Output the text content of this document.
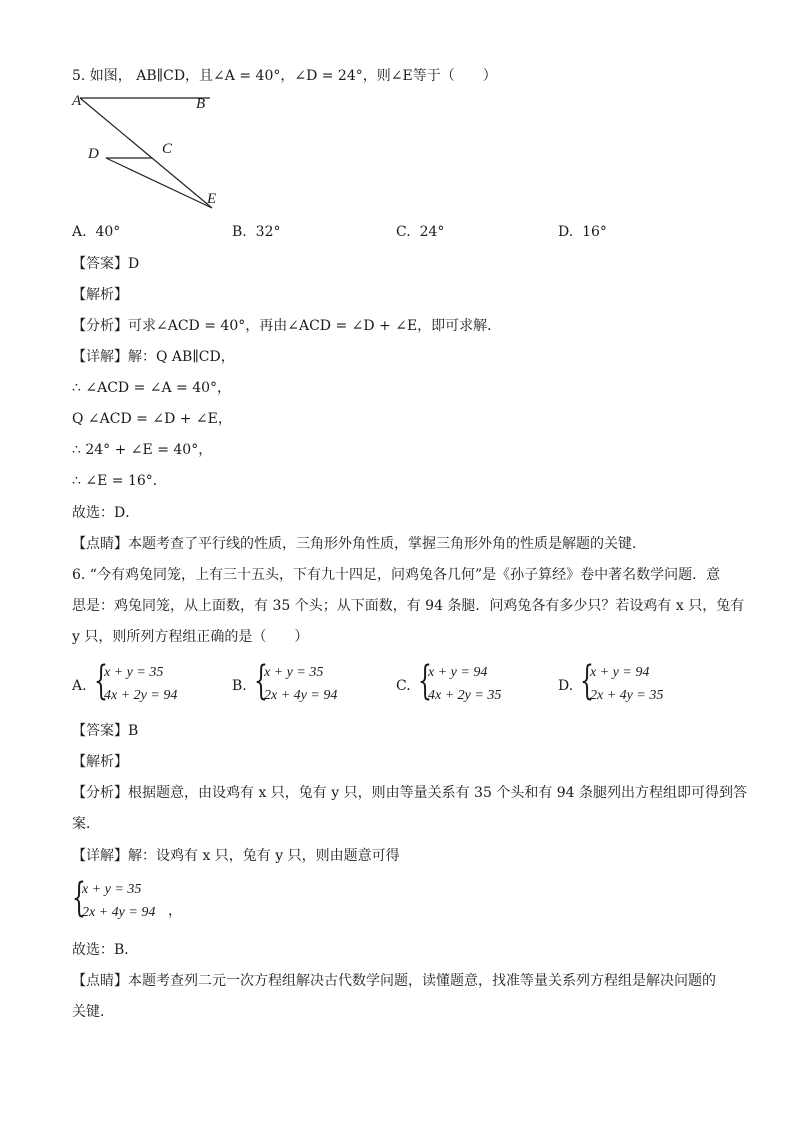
5. 如图， AB∥CD，且∠A = 40°，∠D = 24°，则∠E等于（　　）
A	B
C
D
E
A. 40°	B. 32°	C. 24°	D. 16°
【答案】D
【解析】
【分析】可求∠ACD = 40°，再由∠ACD = ∠D + ∠E，即可求解．
【详解】解：Q AB∥CD，
∴ ∠ACD = ∠A = 40°，
Q ∠ACD = ∠D + ∠E，
∴ 24° + ∠E = 40°，
∴ ∠E = 16°．
故选：D．
【点睛】本题考查了平行线的性质，三角形外角性质，掌握三角形外角的性质是解题的关键．
6. “今有鸡兔同笼，上有三十五头，下有九十四足，问鸡兔各几何”是《孙子算经》卷中著名数学问题．意
思是：鸡兔同笼，从上面数，有 35 个头；从下面数，有 94 条腿．问鸡兔各有多少只？若设鸡有 x 只，兔有
y 只，则所列方程组正确的是（　　）
A. {
x + y = 35
4x + 2y = 94
B. {
x + y = 35
2x + 4y = 94
C. {
x + y = 94
4x + 2y = 35
D. {
x + y = 94
2x + 4y = 35
【答案】B
【解析】
【分析】根据题意，由设鸡有 x 只，兔有 y 只，则由等量关系有 35 个头和有 94 条腿列出方程组即可得到答
案．
【详解】解：设鸡有 x 只，兔有 y 只，则由题意可得
{
x + y = 35
2x + 4y = 94 ，
故选：B．
【点睛】本题考查列二元一次方程组解决古代数学问题，读懂题意，找准等量关系列方程组是解决问题的
关键．
